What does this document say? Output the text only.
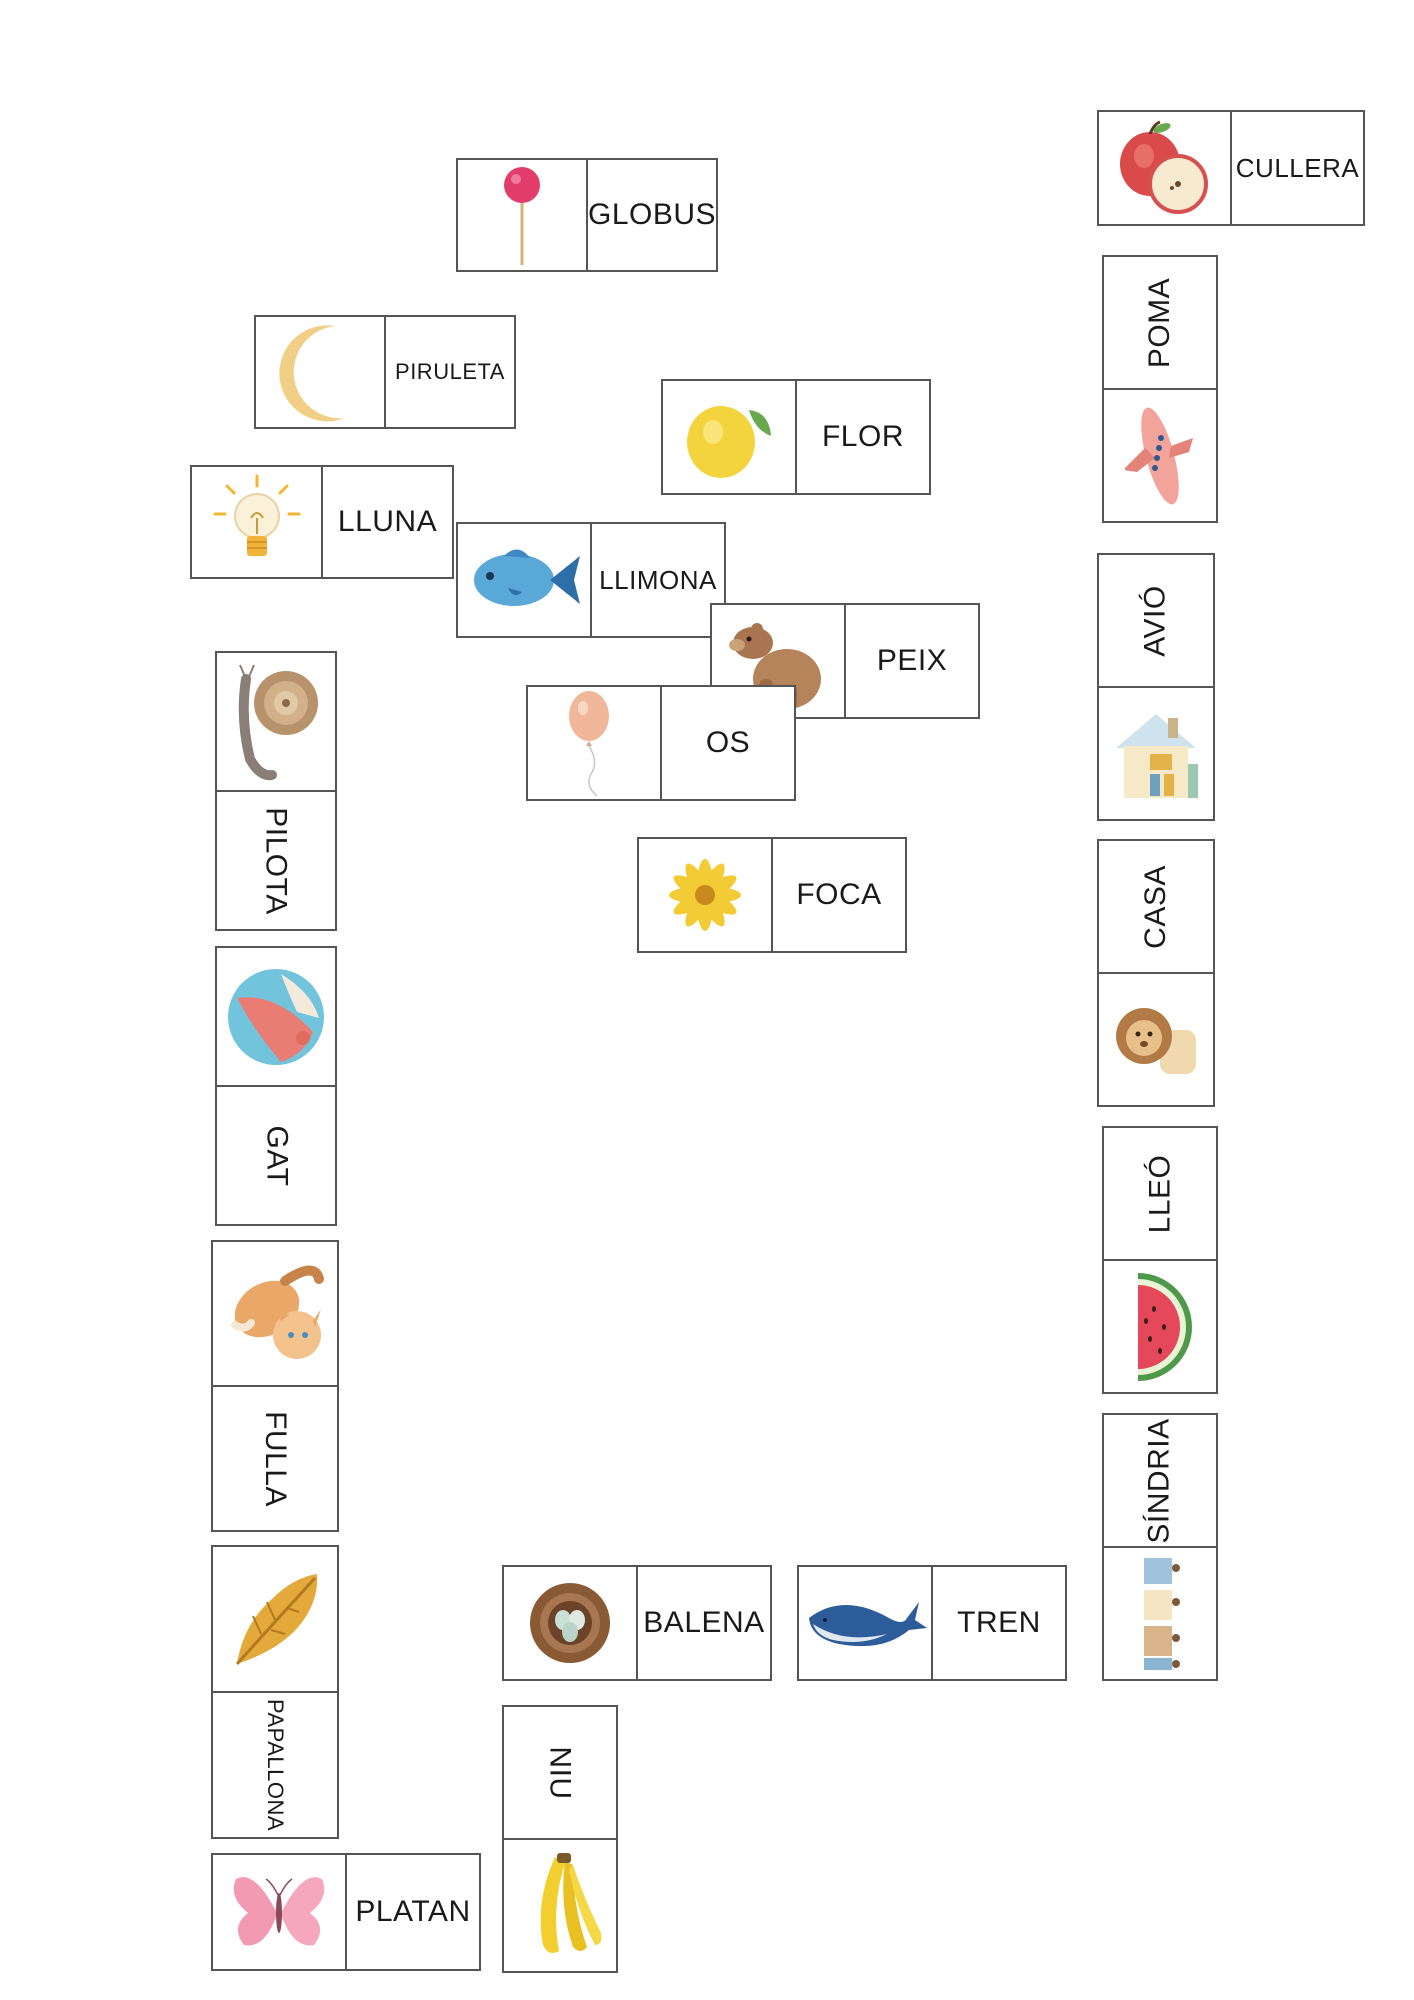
CULLERA
GLOBUS
PIRULETA
FLOR
POMA
LLUNA
LLIMONA
PEIX
OS
AVIÓ
PILOTA	FOCA	CASA
GAT	LLEÓ
FULLA	SÍNDRIA
BALENA	TREN
PAPALLONA	NIU
PLATAN
